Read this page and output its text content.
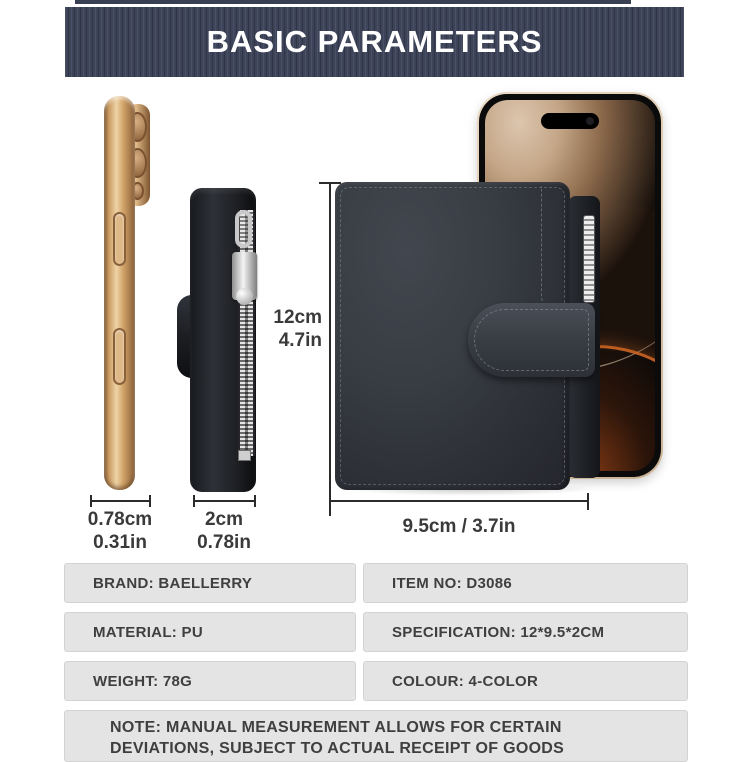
BASIC PARAMETERS
0.78cm
0.31in
2cm
0.78in
12cm
4.7in
9.5cm / 3.7in
BRAND: BAELLERRY	ITEM NO: D3086
MATERIAL: PU	SPECIFICATION: 12*9.5*2CM
WEIGHT: 78G	COLOUR: 4-COLOR
NOTE: MANUAL MEASUREMENT ALLOWS FOR CERTAIN
DEVIATIONS, SUBJECT TO ACTUAL RECEIPT OF GOODS
